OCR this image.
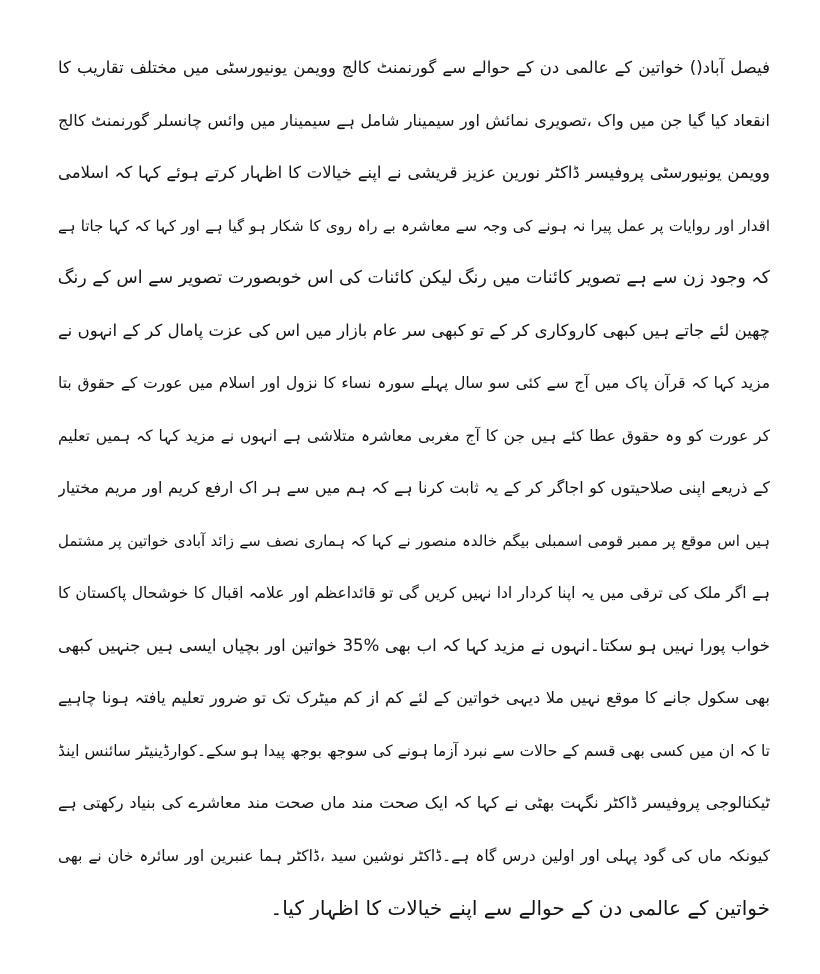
فیصل آباد() خواتین کے عالمی دن کے حوالے سے گورنمنٹ کالج وویمن یونیورسٹی میں مختلف تقاریب کا
انقعاد کیا گیا جن میں واک ،تصویری نمائش اور سیمینار شامل ہے سیمینار میں وائس چانسلر گورنمنٹ کالج
وویمن یونیورسٹی پروفیسر ڈاکٹر نورین عزیز قریشی نے اپنے خیالات کا اظہار کرتے ہوئے کہا کہ اسلامی
اقدار اور روایات پر عمل پیرا نہ ہونے کی وجہ سے معاشرہ بے راہ روی کا شکار ہو گیا ہے اور کہا کہ کہا جاتا ہے
کہ وجود زن سے ہے تصویر کائنات میں رنگ لیکن کائنات کی اس خوبصورت تصویر سے اس کے رنگ
چھین لئے جاتے ہیں کبھی کاروکاری کر کے تو کبھی سر عام بازار میں اس کی عزت پامال کر کے انہوں نے
مزید کہا کہ قرآن پاک میں آج سے کئی سو سال پہلے سورہ نساء کا نزول اور اسلام میں عورت کے حقوق بتا
کر عورت کو وہ حقوق عطا کئے ہیں جن کا آج مغربی معاشرہ متلاشی ہے انہوں نے مزید کہا کہ ہمیں تعلیم
کے ذریعے اپنی صلاحیتوں کو اجاگر کر کے یہ ثابت کرنا ہے کہ ہم میں سے ہر اک ارفع کریم اور مریم مختیار
ہیں اس موقع پر ممبر قومی اسمبلی بیگم خالدہ منصور نے کہا کہ ہماری نصف سے زائد آبادی خواتین پر مشتمل
ہے اگر ملک کی ترقی میں یہ اپنا کردار ادا نہیں کریں گی تو قائداعظم اور علامہ اقبال کا خوشحال پاکستان کا
خواب پورا نہیں ہو سکتا۔انہوں نے مزید کہا کہ اب بھی %35 خواتین اور بچیاں ایسی ہیں جنہیں کبھی
بھی سکول جانے کا موقع نہیں ملا دیہی خواتین کے لئے کم از کم میٹرک تک تو ضرور تعلیم یافتہ ہونا چاہیے
تا کہ ان میں کسی بھی قسم کے حالات سے نبرد آزما ہونے کی سوجھ بوجھ پیدا ہو سکے۔کوارڈینیٹر سائنس اینڈ
ٹیکنالوجی پروفیسر ڈاکٹر نگہت بھٹی نے کہا کہ ایک صحت مند ماں صحت مند معاشرے کی بنیاد رکھتی ہے
کیونکہ ماں کی گود پہلی اور اولین درس گاہ ہے۔ڈاکٹر نوشین سید ،ڈاکٹر ہما عنبرین اور سائرہ خان نے بھی
خواتین کے عالمی دن کے حوالے سے اپنے خیالات کا اظہار کیا۔
